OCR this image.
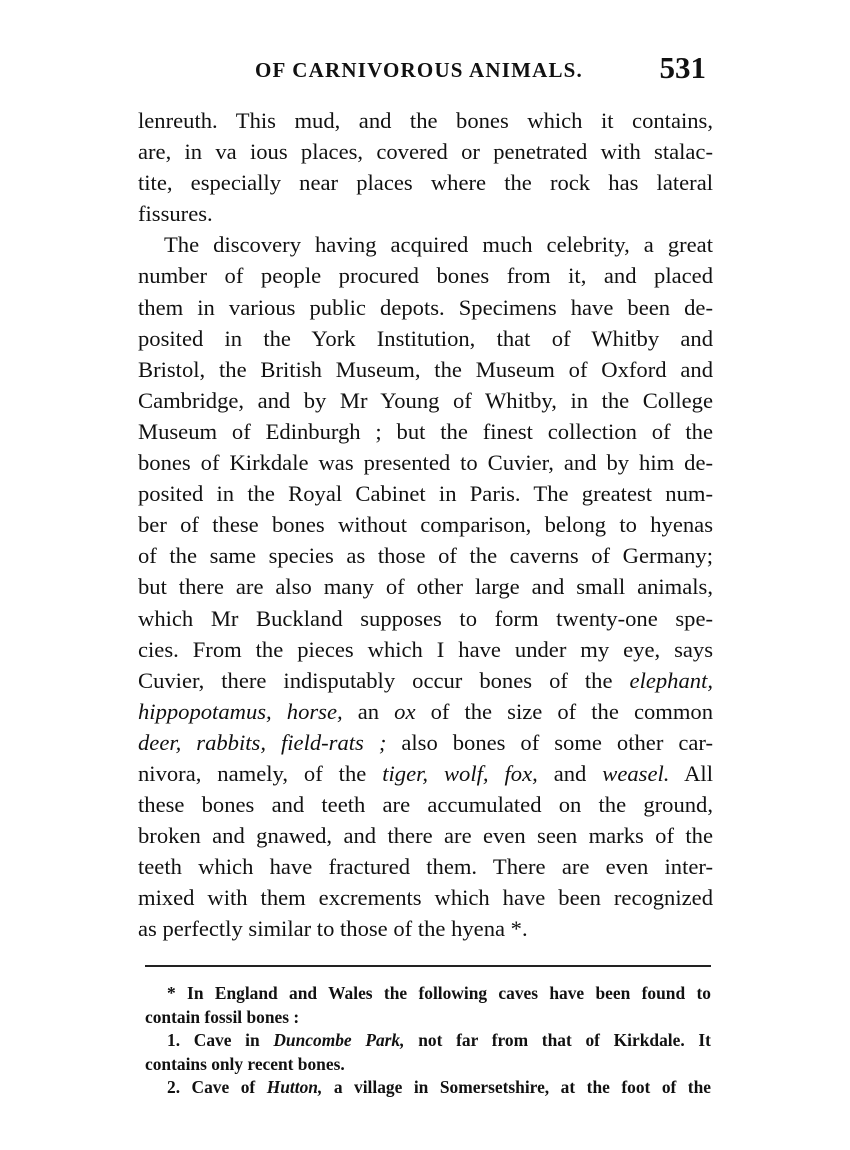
OF CARNIVOROUS ANIMALS. 531
lenreuth. This mud, and the bones which it contains,
are, in va ious places, covered or penetrated with stalac-
tite, especially near places where the rock has lateral
fissures.
The discovery having acquired much celebrity, a great
number of people procured bones from it, and placed
them in various public depots. Specimens have been de-
posited in the York Institution, that of Whitby and
Bristol, the British Museum, the Museum of Oxford and
Cambridge, and by Mr Young of Whitby, in the College
Museum of Edinburgh ; but the finest collection of the
bones of Kirkdale was presented to Cuvier, and by him de-
posited in the Royal Cabinet in Paris. The greatest num-
ber of these bones without comparison, belong to hyenas
of the same species as those of the caverns of Germany;
but there are also many of other large and small animals,
which Mr Buckland supposes to form twenty-one spe-
cies. From the pieces which I have under my eye, says
Cuvier, there indisputably occur bones of the elephant,
hippopotamus, horse, an ox of the size of the common
deer, rabbits, field-rats ; also bones of some other car-
nivora, namely, of the tiger, wolf, fox, and weasel. All
these bones and teeth are accumulated on the ground,
broken and gnawed, and there are even seen marks of the
teeth which have fractured them. There are even inter-
mixed with them excrements which have been recognized
as perfectly similar to those of the hyena *.
* In England and Wales the following caves have been found to
contain fossil bones :
1. Cave in Duncombe Park, not far from that of Kirkdale. It
contains only recent bones.
2. Cave of Hutton, a village in Somersetshire, at the foot of the
